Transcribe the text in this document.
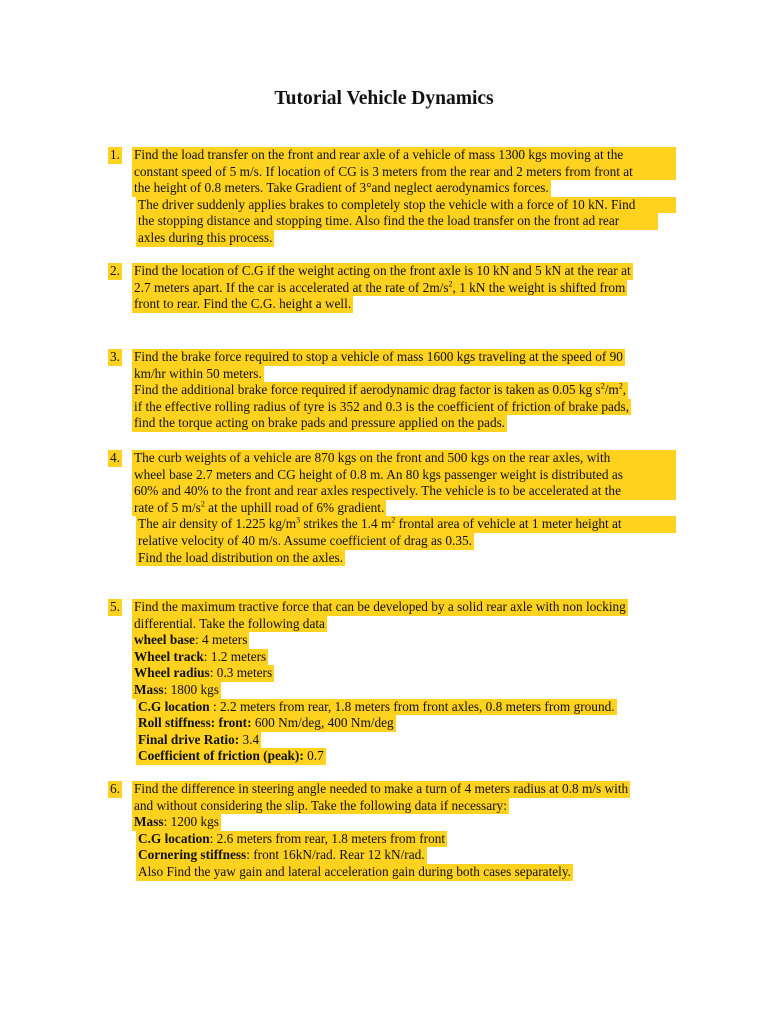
Tutorial Vehicle Dynamics
1. Find the load transfer on the front and rear axle of a vehicle of mass 1300 kgs moving at the
constant speed of 5 m/s. If location of CG is 3 meters from the rear and 2 meters from front at
the height of 0.8 meters. Take Gradient of 3°and neglect aerodynamics forces.
The driver suddenly applies brakes to completely stop the vehicle with a force of 10 kN. Find
the stopping distance and stopping time. Also find the the load transfer on the front ad rear
axles during this process.
2. Find the location of C.G if the weight acting on the front axle is 10 kN and 5 kN at the rear at
2.7 meters apart. If the car is accelerated at the rate of $2m/s^2$, 1 kN the weight is shifted from
front to rear. Find the C.G. height a well.
3. Find the brake force required to stop a vehicle of mass 1600 kgs traveling at the speed of 90
km/hr within 50 meters.
Find the additional brake force required if aerodynamic drag factor is taken as 0.05 kg $s^2/m^2$,
if the effective rolling radius of tyre is 352 and 0.3 is the coefficient of friction of brake pads,
find the torque acting on brake pads and pressure applied on the pads.
4. The curb weights of a vehicle are 870 kgs on the front and 500 kgs on the rear axles, with
wheel base 2.7 meters and CG height of 0.8 m. An 80 kgs passenger weight is distributed as
60% and 40% to the front and rear axles respectively. The vehicle is to be accelerated at the
rate of 5 $m/s^2$ at the uphill road of 6% gradient.
The air density of 1.225 $kg/m^3$ strikes the 1.4 $m^2$ frontal area of vehicle at 1 meter height at
relative velocity of 40 m/s. Assume coefficient of drag as 0.35.
Find the load distribution on the axles.
5. Find the maximum tractive force that can be developed by a solid rear axle with non locking
differential. Take the following data
wheel base: 4 meters
Wheel track: 1.2 meters
Wheel radius: 0.3 meters
Mass: 1800 kgs
C.G location : 2.2 meters from rear, 1.8 meters from front axles, 0.8 meters from ground.
Roll stiffness: front: 600 Nm/deg, 400 Nm/deg
Final drive Ratio: 3.4
Coefficient of friction (peak): 0.7
6. Find the difference in steering angle needed to make a turn of 4 meters radius at 0.8 m/s with
and without considering the slip. Take the following data if necessary:
Mass: 1200 kgs
C.G location: 2.6 meters from rear, 1.8 meters from front
Cornering stiffness: front 16kN/rad. Rear 12 kN/rad.
Also Find the yaw gain and lateral acceleration gain during both cases separately.
